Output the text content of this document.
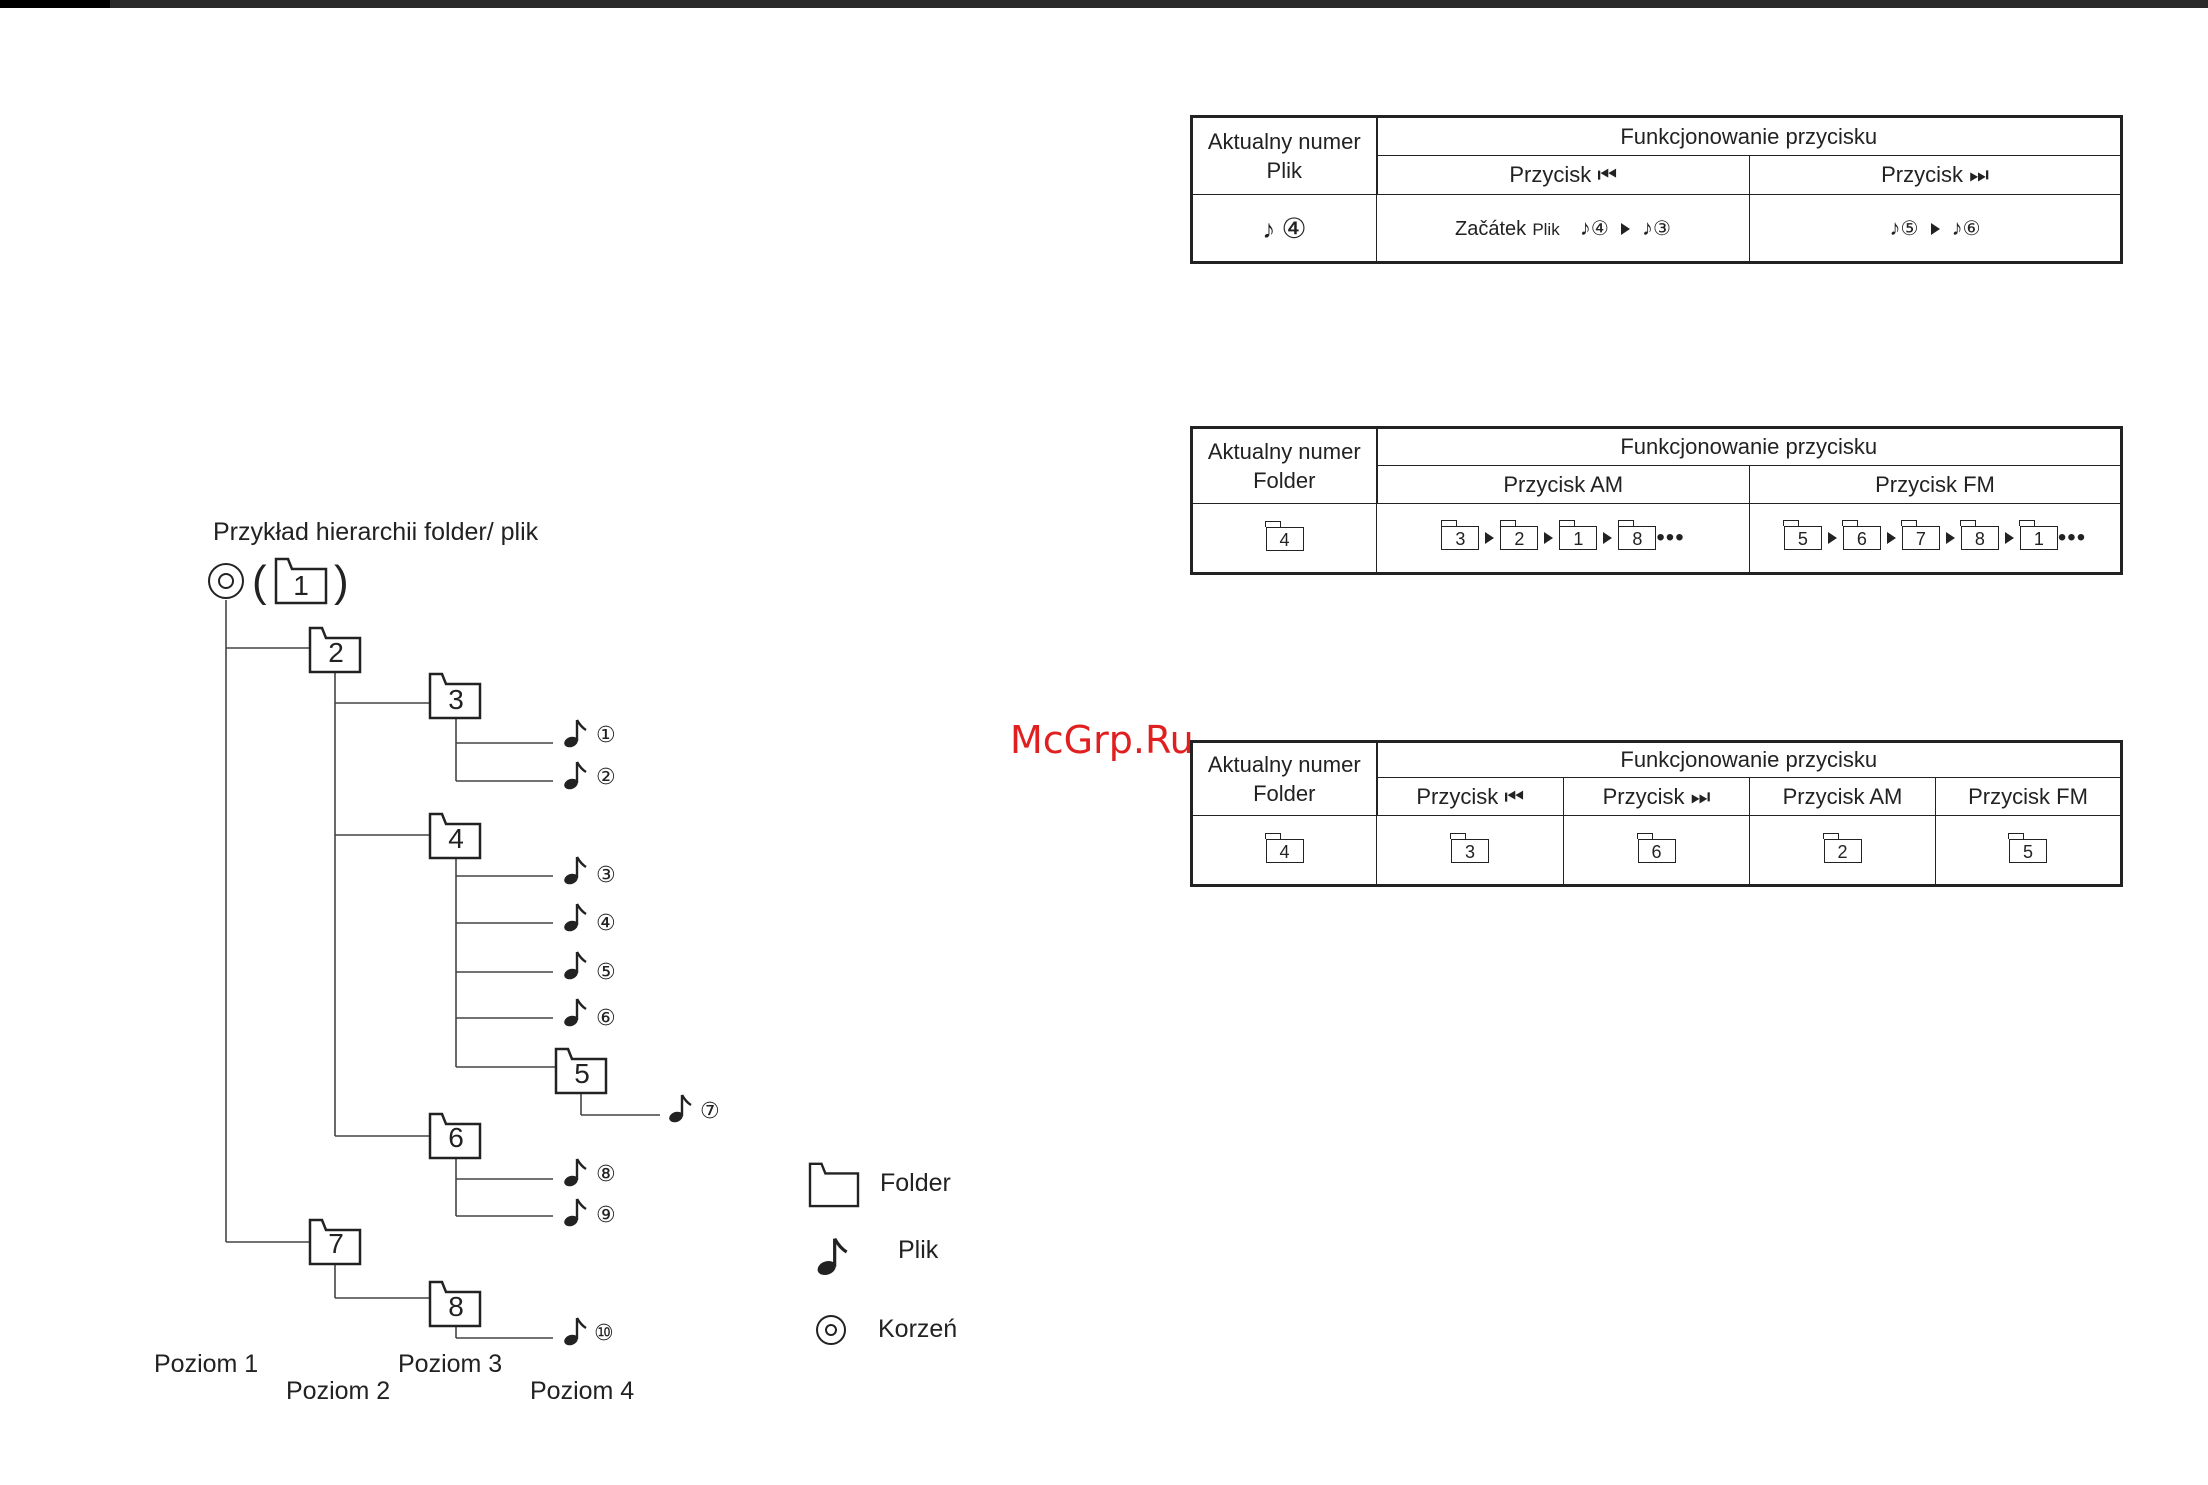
Przykład hierarchii folder/ plik
( 1 )
2
3
4
5
6
7
8
①
②
③
④
⑤
⑥
⑦
⑧
⑨
⑩
Poziom 1
Poziom 2
Poziom 3
Poziom 4
Folder
Plik
Korzeń
McGrp.Ru
Aktualny numer
Plik	Funkcjonowanie przycisku	
	Przycisk ⏮	Przycisk ⏭
♪ ④	Začátek Plik ♪④ ♪③	♪⑤ ♪⑥
Aktualny numer
Folder	Funkcjonowanie przycisku	
	Przycisk AM	Przycisk FM
4	3 2 1 8 •••	5 6 7 8 1 •••
Aktualny numer
Folder	Funkcjonowanie przycisku			
	Przycisk ⏮	Przycisk ⏭	Przycisk AM	Przycisk FM
4	3	6	2	5
